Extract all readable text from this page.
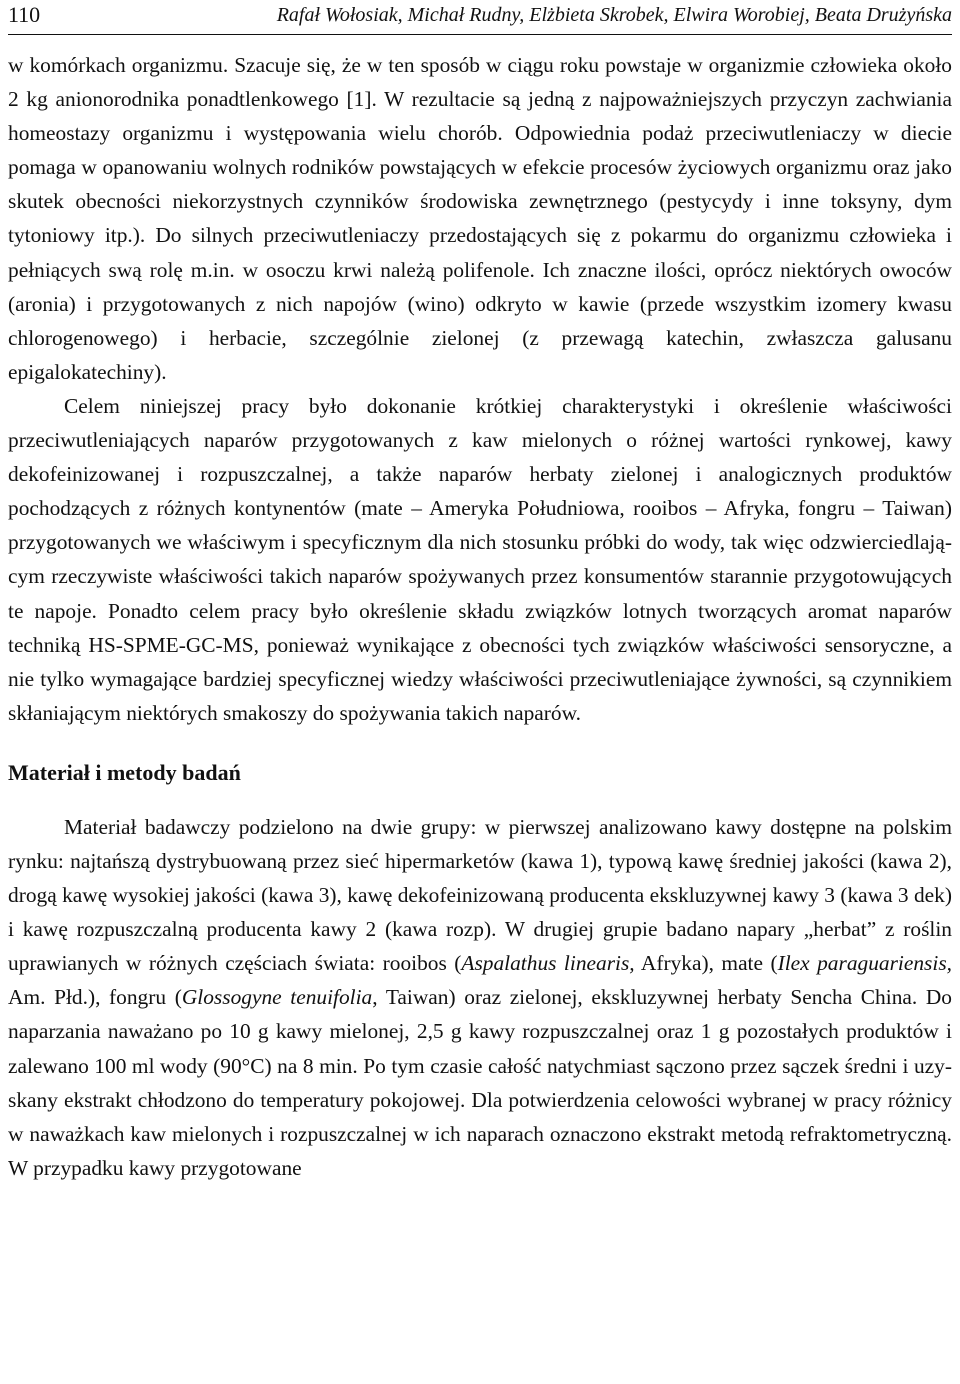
110	Rafał Wołosiak, Michał Rudny, Elżbieta Skrobek, Elwira Worobiej, Beata Drużyńska

w komórkach organizmu. Szacuje się, że w ten sposób w ciągu roku powstaje w organizmie człowieka około 2 kg anionorodnika ponadtlenkowego [1]. W rezultacie są jedną z najpoważniejszych przyczyn zachwiania homeostazy organizmu i występowania wielu chorób. Odpowiednia podaż przeciwutleniaczy w diecie pomaga w opanowaniu wolnych rodników powstających w efekcie procesów życiowych organizmu oraz jako skutek obecności niekorzystnych czynników środowiska zewnętrznego (pestycydy i inne toksyny, dym tytoniowy itp.). Do silnych przeciwutleniaczy przedostających się z pokarmu do organizmu człowieka i pełniących swą rolę m.in. w osoczu krwi należą polifenole. Ich znaczne ilości, oprócz niektórych owoców (aronia) i przygotowanych z nich napojów (wino) odkryto w kawie (przede wszystkim izomery kwasu chlorogenowego) i herbacie, szczególnie zielonej (z przewagą katechin, zwłaszcza galusanu epigalokatechiny).

Celem niniejszej pracy było dokonanie krótkiej charakterystyki i określenie właściwości przeciwutleniających naparów przygotowanych z kaw mielonych o różnej wartości rynkowej, kawy dekofeinizowanej i rozpuszczalnej, a także naparów herbaty zielonej i analogicznych produktów pochodzących z różnych kontynentów (mate – Ameryka Południowa, rooibos – Afryka, fongru – Taiwan) przygotowanych we właściwym i specyficznym dla nich stosunku próbki do wody, tak więc odzwierciedlającym rzeczywiste właściwości takich naparów spożywanych przez konsumentów starannie przygotowujących te napoje. Ponadto celem pracy było określenie składu związków lotnych tworzących aromat naparów techniką HS-SPME-GC-MS, ponieważ wynikające z obecności tych związków właściwości sensoryczne, a nie tylko wymagające bardziej specyficznej wiedzy właściwości przeciwutleniające żywności, są czynnikiem skłaniającym niektórych smakoszy do spożywania takich naparów.

Materiał i metody badań

Materiał badawczy podzielono na dwie grupy: w pierwszej analizowano kawy dostępne na polskim rynku: najtańszą dystrybuowaną przez sieć hipermarketów (kawa 1), typową kawę średniej jakości (kawa 2), drogą kawę wysokiej jakości (kawa 3), kawę dekofeinizowaną producenta ekskluzywnej kawy 3 (kawa 3 dek) i kawę rozpuszczalną producenta kawy 2 (kawa rozp). W drugiej grupie badano napary „herbat” z roślin uprawianych w różnych częściach świata: rooibos (Aspalathus linearis, Afryka), mate (Ilex paraguariensis, Am. Płd.), fongru (Glossogyne tenuifolia, Taiwan) oraz zielonej, ekskluzywnej herbaty Sencha China. Do naparzania naważano po 10 g kawy mielonej, 2,5 g kawy rozpuszczalnej oraz 1 g pozostałych produktów i zalewano 100 ml wody (90°C) na 8 min. Po tym czasie całość natychmiast sączono przez sączek średni i uzyskany ekstrakt chłodzono do temperatury pokojowej. Dla potwierdzenia celowości wybranej w pracy różnicy w naważkach kaw mielonych i rozpuszczalnej w ich naparach oznaczono ekstrakt metodą refraktometryczną. W przypadku kawy przygotowane
